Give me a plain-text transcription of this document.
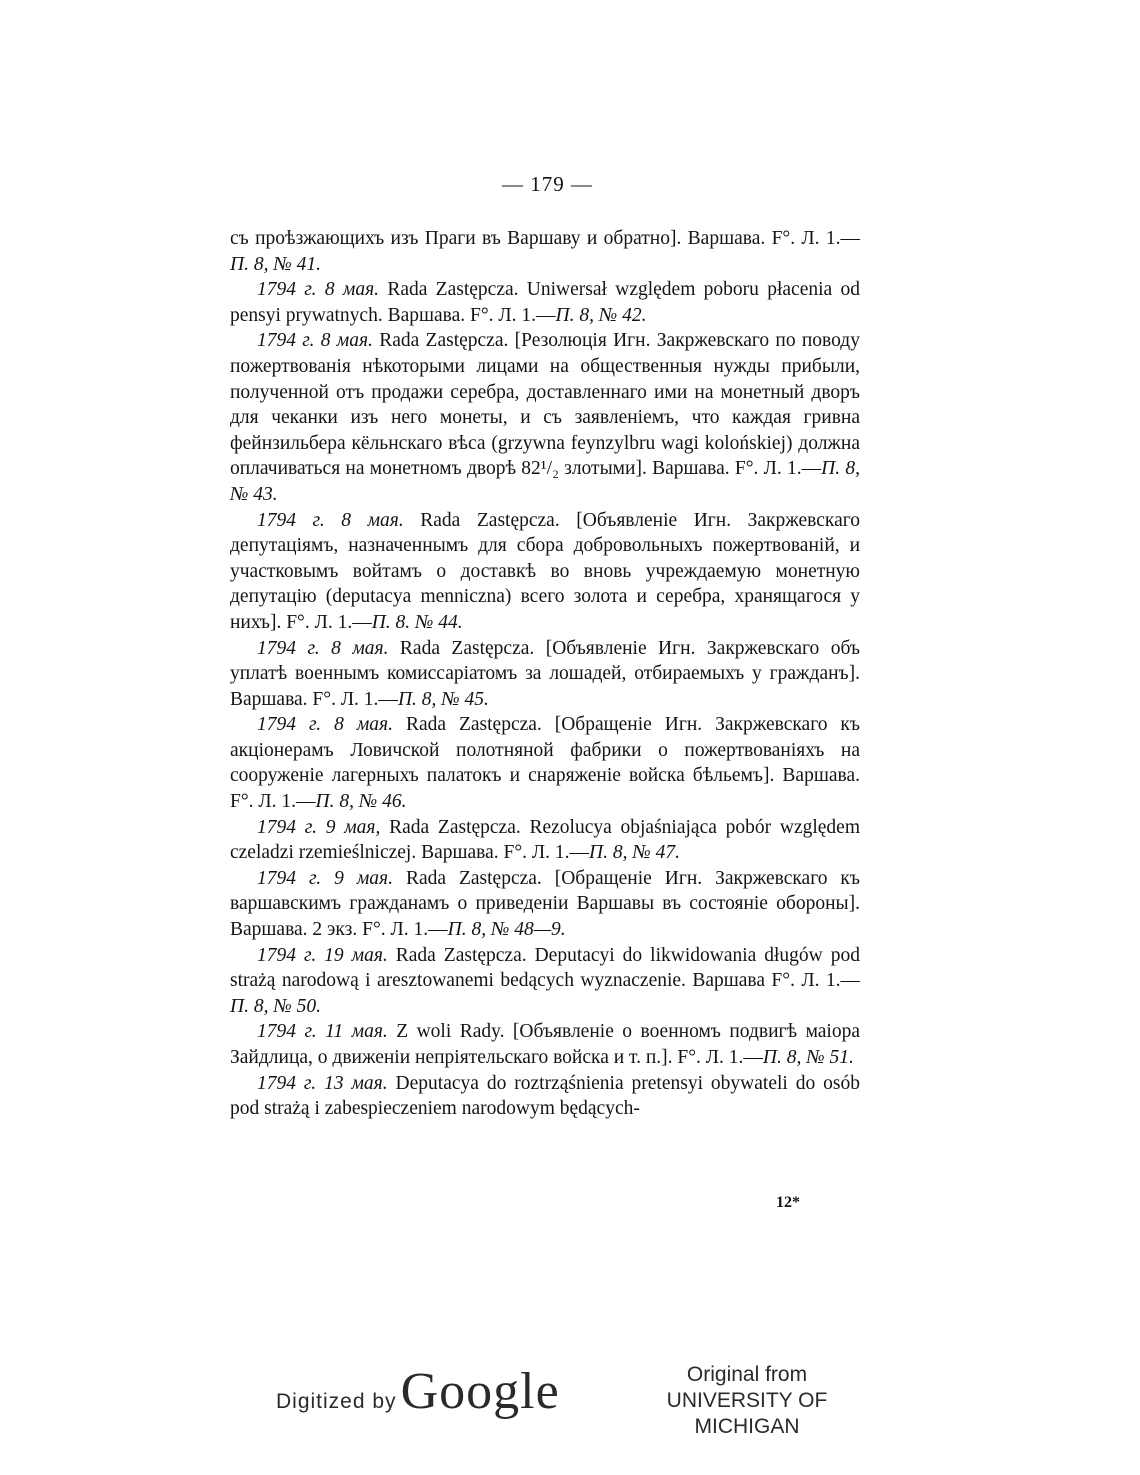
— 179 —

съ проѣзжающихъ изъ Праги въ Варшаву и обратно]. Варшава. F°. Л. 1.—П. 8, № 41.

1794 г. 8 мая. Rada Zastępcza. Uniwersał względem poboru płacenia od pensyi prywatnych. Варшава. F°. Л. 1.—П. 8, № 42.

1794 г. 8 мая. Rada Zastępcza. [Резолюція Игн. Закржевскаго по поводу пожертвованія нѣкоторыми лицами на общественныя нужды прибыли, полученной отъ продажи серебра, доставленнаго ими на монетный дворъ для чеканки изъ него монеты, и съ заявленіемъ, что каждая гривна фейнзильбера кёльнскаго вѣса (grzywna feynzylbru wagi kolońskiej) должна оплачиваться на монетномъ дворѣ 82¹/₂ злотыми]. Варшава. F°. Л. 1.—П. 8, № 43.

1794 г. 8 мая. Rada Zastępcza. [Объявленіе Игн. Закржевскаго депутаціямъ, назначеннымъ для сбора добровольныхъ пожертвованій, и участковымъ войтамъ о доставкѣ во вновь учреждаемую монетную депутацію (deputacya menniczna) всего золота и серебра, хранящагося у нихъ]. F°. Л. 1.—П. 8. № 44.

1794 г. 8 мая. Rada Zastępcza. [Объявленіе Игн. Закржевскаго объ уплатѣ военнымъ комиссаріатомъ за лошадей, отбираемыхъ у гражданъ]. Варшава. F°. Л. 1.—П. 8, № 45.

1794 г. 8 мая. Rada Zastępcza. [Обращеніе Игн. Закржевскаго къ акціонерамъ Ловичской полотняной фабрики о пожертвованіяхъ на сооруженіе лагерныхъ палатокъ и снаряженіе войска бѣльемъ]. Варшава. F°. Л. 1.—П. 8, № 46.

1794 г. 9 мая, Rada Zastępcza. Rezolucya objaśniająca pobór względem czeladzi rzemieślniczej. Варшава. F°. Л. 1.—П. 8, № 47.

1794 г. 9 мая. Rada Zastępcza. [Обращеніе Игн. Закржевскаго къ варшавскимъ гражданамъ о приведеніи Варшавы въ состояніе обороны]. Варшава. 2 экз. F°. Л. 1.—П. 8, № 48—9.

1794 г. 19 мая. Rada Zastępcza. Deputacyi do likwidowania długów pod strażą narodową i aresztowanemi bedących wyznaczenie. Варшава F°. Л. 1.—П. 8, № 50.

1794 г. 11 мая. Z woli Rady. [Объявленіе о военномъ подвигѣ маіора Зайдлица, о движеніи непріятельскаго войска и т. п.]. F°. Л. 1.—П. 8, № 51.

1794 г. 13 мая. Deputacya do roztrząśnienia pretensyi obywateli do osób pod strażą i zabespieczeniem narodowym będących-

12*
Digitized by Google	Original from
UNIVERSITY OF MICHIGAN
